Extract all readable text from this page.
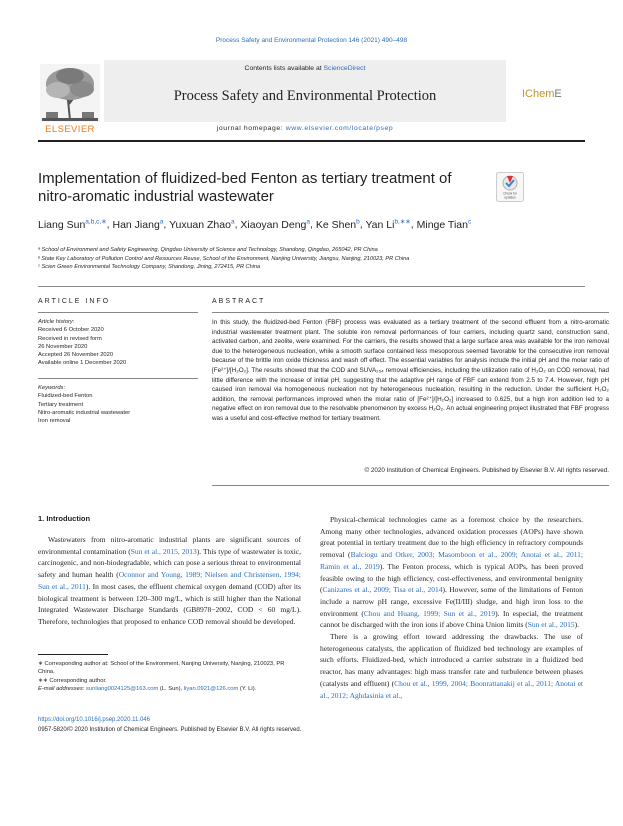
Process Safety and Environmental Protection 146 (2021) 490–498
Contents lists available at ScienceDirect
Process Safety and Environmental Protection
journal homepage: www.elsevier.com/locate/psep
ELSEVIER
IChemE
Implementation of fluidized-bed Fenton as tertiary treatment of nitro-aromatic industrial wastewater	Check for
updates
Liang Sun$^{a,b,c,∗}$, Han Jiang$^a$, Yuxuan Zhao$^a$, Xiaoyan Deng$^a$, Ke Shen$^b$, Yan $Li^{b,∗∗}$, Minge Tian$^c$
ᵃ School of Environment and Safety Engineering, Qingdao University of Science and Technology, Shandong, Qingdao, 265042, PR China
ᵇ State Key Laboratory of Pollution Control and Resources Reuse, School of the Environment, Nanjing University, Jiangsu, Nanjing, 210023, PR China
ᶜ Scien Green Environmental Technology Company, Shandong, Jining, 272415, PR China
ARTICLE INFO	ABSTRACT
Article history:
Received 6 October 2020
Received in revised form
26 November 2020
Accepted 26 November 2020
Available online 1 December 2020
Keywords:
Fluidized-bed Fenton
Tertiary treatment
Nitro-aromatic industrial wastewater
Iron removal
In this study, the fluidized-bed Fenton (FBF) process was evaluated as a tertiary treatment of the second effluent from a nitro-aromatic industrial wastewater treatment plant. The soluble iron removal performances of four carriers, including quartz sand, construction sand, activated carbon, and zeolite, were examined. For the carriers, the results showed that a large surface area was available for the iron removal due to the heterogeneous nucleation, while a smooth surface contained less mesoporous seemed favorable for the consecutive iron removal because of the brittle iron oxide thickness and wash off effect. The essential variables for analysis include the initial pH and the molar ratio of [Fe²⁺]/[H₂O₂]. The results showed that the COD and SUVA₂₅₄ removal efficiencies, including the utilization ratio of H₂O₂ on COD removal, had little difference with the increase of initial pH, suggesting that the adaptive pH range of FBF can extend from 2.5 to 7.4. However, high pH caused iron removal via homogeneous nucleation not by heterogeneous nucleation, resulting in the reduction. Under the sufficient H₂O₂ addition, the removal performances improved when the molar ratio of [Fe²⁺]/[H₂O₂] increased to 0.625, but a high iron addition led to a negative effect on iron removal due to the resolvable phenomenon by excess H₂O₂. An actual engineering project illustrated that FBF progress was a useful and cost-effective method for tertiary treatment.
© 2020 Institution of Chemical Engineers. Published by Elsevier B.V. All rights reserved.
1. Introduction

Wastewaters from nitro-aromatic industrial plants are significant sources of environmental contamination (Sun et al., 2015, 2013). This type of wastewater is toxic, carcinogenic, and non-biodegradable, which can pose a serious threat to environmental safety and human health (Oconnor and Young, 1989; Nielsen and Christensen, 1994; Sun et al., 2011). In most cases, the effluent chemical oxygen demand (COD) after its biological treatment is between 120–300 mg/L, which is still higher than the National Integrated Wastewater Discharge Standards (GB8978−2002, COD < 60 mg/L). Therefore, technologies that proposed to enhance COD removal should be developed.

Physical-chemical technologies came as a foremost choice by the researchers. Among many other technologies, advanced oxidation processes (AOPs) have shown great potential in tertiary treatment due to the high efficiency in refractory compounds removal (Balciogu and Otker, 2003; Masomboon et al., 2009; Anotai et al., 2011; Ramin et al., 2019). The Fenton process, which is typical AOPs, has been proved feasible owing to the high efficiency, cost-effectiveness, and environmental benignity (Canizares et al., 2009; Tisa et al., 2014). However, some of the limitations of Fenton include a narrow pH range, excessive Fe(II/III) sludge, and high iron loss to the environment (Chou and Huang, 1999; Sun et al., 2019). In especial, the treatment cannot be discharged with the iron ions if above China Union limits (Sun et al., 2015).

There is a growing effort toward addressing the drawbacks. The use of heterogeneous catalysts, the application of fluidized bed technology are examples of such efforts. Fluidized-bed, which introduced a carrier substrate in a fluidized bed reactor, has many advantages: high mass transfer rate and turbulence between phases (catalysts and effluent) (Chou et al., 1999, 2004; Boonrattanakij et al., 2011; Anotai et al., 2012; Aghdasinia et al.,

∗ Corresponding author at: School of the Environment, Nanjing University, Nanjing, 210023, PR China.
∗∗ Corresponding author.
E-mail addresses: sunliang0024125@163.com (L. Sun), liyan.0921@126.com (Y. Li).
https://doi.org/10.1016/j.psep.2020.11.046
0957-5820/© 2020 Institution of Chemical Engineers. Published by Elsevier B.V. All rights reserved.
